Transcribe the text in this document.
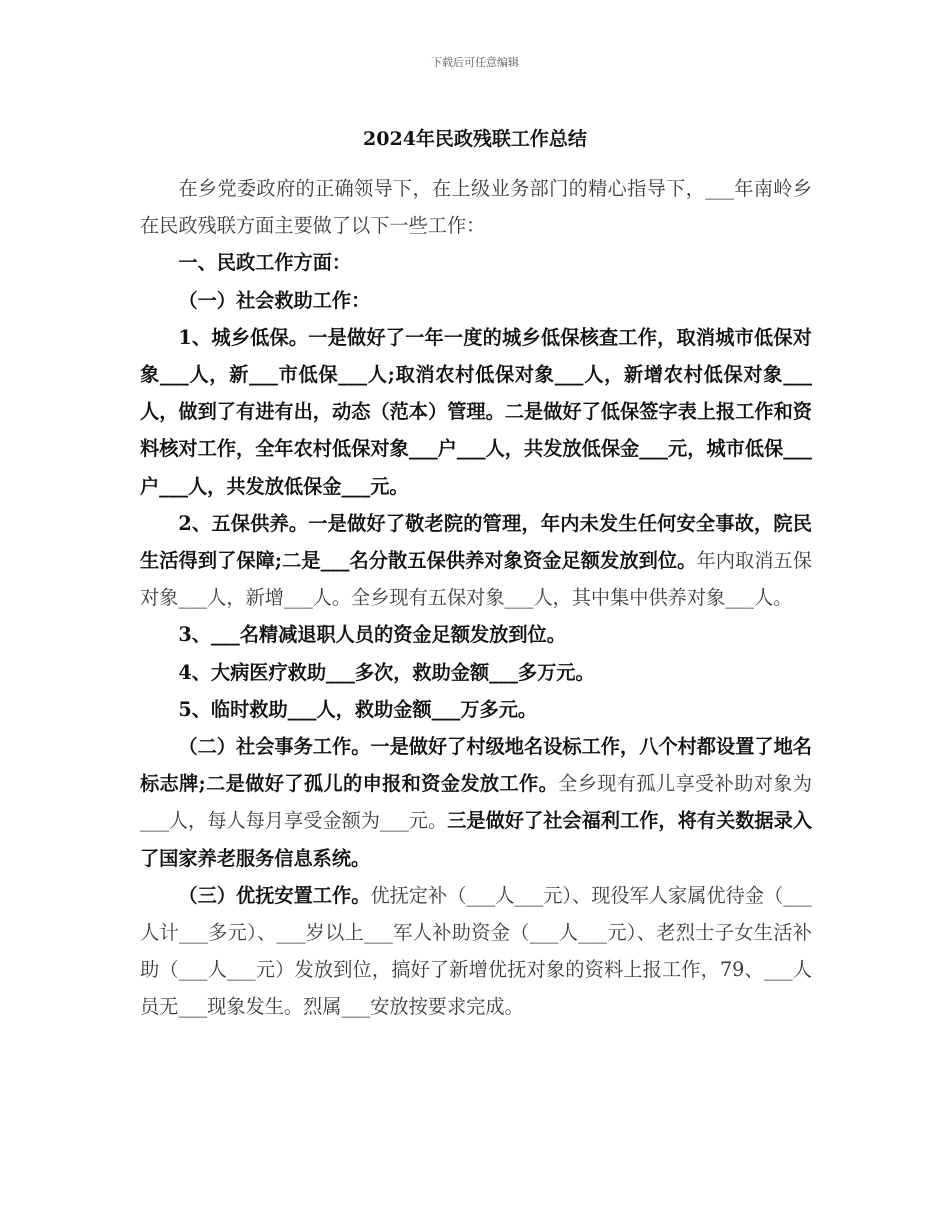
下载后可任意编辑
2024年民政残联工作总结

在乡党委政府的正确领导下，在上级业务部门的精心指导下，___年南岭乡在民政残联方面主要做了以下一些工作：

一、民政工作方面：

（一）社会救助工作：

1、城乡低保。一是做好了一年一度的城乡低保核查工作，取消城市低保对象___人，新___市低保___人;取消农村低保对象___人，新增农村低保对象___人，做到了有进有出，动态（范本）管理。二是做好了低保签字表上报工作和资料核对工作，全年农村低保对象___户___人，共发放低保金___元，城市低保___户___人，共发放低保金___元。

2、五保供养。一是做好了敬老院的管理，年内未发生任何安全事故，院民生活得到了保障;二是___名分散五保供养对象资金足额发放到位。年内取消五保对象___人，新增___人。全乡现有五保对象___人，其中集中供养对象___人。

3、___名精减退职人员的资金足额发放到位。

4、大病医疗救助___多次，救助金额___多万元。

5、临时救助___人，救助金额___万多元。

（二）社会事务工作。一是做好了村级地名设标工作，八个村都设置了地名标志牌;二是做好了孤儿的申报和资金发放工作。全乡现有孤儿享受补助对象为___人，每人每月享受金额为___元。三是做好了社会福利工作，将有关数据录入了国家养老服务信息系统。

（三）优抚安置工作。优抚定补（___人___元）、现役军人家属优待金（___人计___多元）、___岁以上___军人补助资金（___人___元）、老烈士子女生活补助（___人___元）发放到位，搞好了新增优抚对象的资料上报工作，79、___人员无___现象发生。烈属___安放按要求完成。
